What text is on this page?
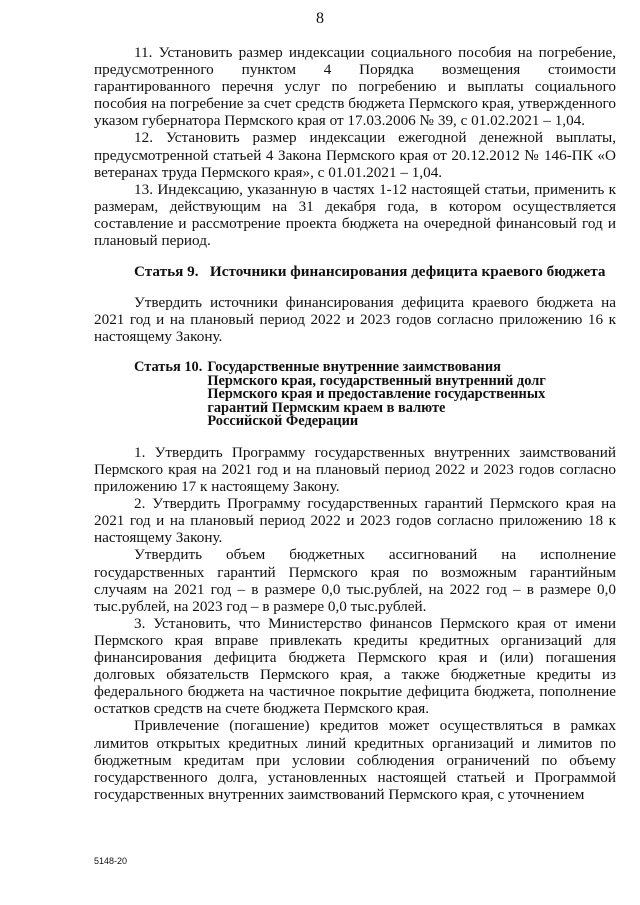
8

11. Установить размер индексации социального пособия на погребение, предусмотренного пунктом 4 Порядка возмещения стоимости гарантированного перечня услуг по погребению и выплаты социального пособия на погребение за счет средств бюджета Пермского края, утвержденного указом губернатора Пермского края от 17.03.2006 № 39, с 01.02.2021 – 1,04.

12. Установить размер индексации ежегодной денежной выплаты, предусмотренной статьей 4 Закона Пермского края от 20.12.2012 № 146-ПК «О ветеранах труда Пермского края», с 01.01.2021 – 1,04.

13. Индексацию, указанную в частях 1-12 настоящей статьи, применить к размерам, действующим на 31 декабря года, в котором осуществляется составление и рассмотрение проекта бюджета на очередной финансовый год и плановый период.

Статья 9.   Источники финансирования дефицита краевого бюджета

Утвердить источники финансирования дефицита краевого бюджета на 2021 год и на плановый период 2022 и 2023 годов согласно приложению 16 к настоящему Закону.

Статья 10. Государственные внутренние заимствования
Пермского края, государственный внутренний долг
Пермского края и предоставление государственных
гарантий Пермским краем в валюте
Российской Федерации

1. Утвердить Программу государственных внутренних заимствований Пермского края на 2021 год и на плановый период 2022 и 2023 годов согласно приложению 17 к настоящему Закону.

2. Утвердить Программу государственных гарантий Пермского края на 2021 год и на плановый период 2022 и 2023 годов согласно приложению 18 к настоящему Закону.

Утвердить объем бюджетных ассигнований на исполнение государственных гарантий Пермского края по возможным гарантийным случаям на 2021 год – в размере 0,0 тыс.рублей, на 2022 год – в размере 0,0 тыс.рублей, на 2023 год – в размере 0,0 тыс.рублей.

3. Установить, что Министерство финансов Пермского края от имени Пермского края вправе привлекать кредиты кредитных организаций для финансирования дефицита бюджета Пермского края и (или) погашения долговых обязательств Пермского края, а также бюджетные кредиты из федерального бюджета на частичное покрытие дефицита бюджета, пополнение остатков средств на счете бюджета Пермского края.

Привлечение (погашение) кредитов может осуществляться в рамках лимитов открытых кредитных линий кредитных организаций и лимитов по бюджетным кредитам при условии соблюдения ограничений по объему государственного долга, установленных настоящей статьей и Программой государственных внутренних заимствований Пермского края, с уточнением

5148-20
